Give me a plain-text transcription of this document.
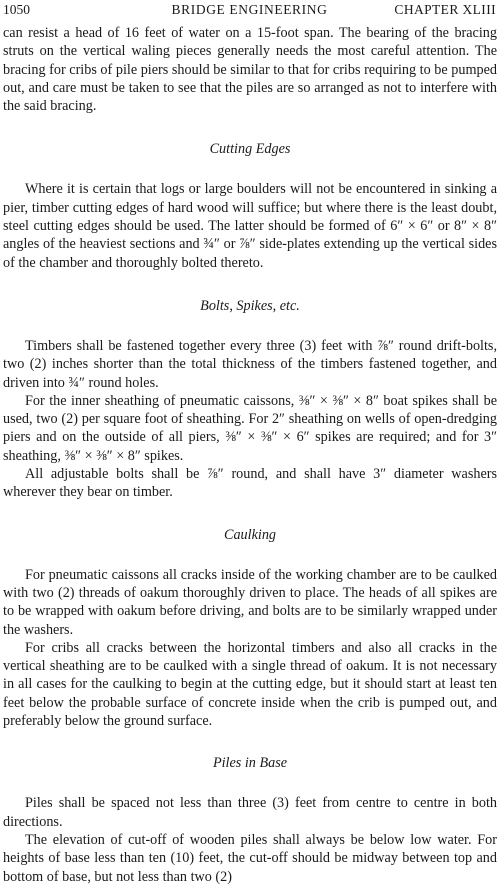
1050	BRIDGE ENGINEERING	CHAPTER XLIII

can resist a head of 16 feet of water on a 15-foot span. The bearing of the bracing struts on the vertical waling pieces generally needs the most careful attention. The bracing for cribs of pile piers should be similar to that for cribs requiring to be pumped out, and care must be taken to see that the piles are so arranged as not to interfere with the said bracing.

Cutting Edges

Where it is certain that logs or large boulders will not be encountered in sinking a pier, timber cutting edges of hard wood will suffice; but where there is the least doubt, steel cutting edges should be used. The latter should be formed of 6″ × 6″ or 8″ × 8″ angles of the heaviest sections and ¾″ or ⅞″ side-plates extending up the vertical sides of the chamber and thoroughly bolted thereto.

Bolts, Spikes, etc.

Timbers shall be fastened together every three (3) feet with ⅞″ round drift-bolts, two (2) inches shorter than the total thickness of the timbers fastened together, and driven into ¾″ round holes.

For the inner sheathing of pneumatic caissons, ⅜″ × ⅜″ × 8″ boat spikes shall be used, two (2) per square foot of sheathing. For 2″ sheathing on wells of open-dredging piers and on the outside of all piers, ⅜″ × ⅜″ × 6″ spikes are required; and for 3″ sheathing, ⅜″ × ⅜″ × 8″ spikes.

All adjustable bolts shall be ⅞″ round, and shall have 3″ diameter washers wherever they bear on timber.

Caulking

For pneumatic caissons all cracks inside of the working chamber are to be caulked with two (2) threads of oakum thoroughly driven to place. The heads of all spikes are to be wrapped with oakum before driving, and bolts are to be similarly wrapped under the washers.

For cribs all cracks between the horizontal timbers and also all cracks in the vertical sheathing are to be caulked with a single thread of oakum. It is not necessary in all cases for the caulking to begin at the cutting edge, but it should start at least ten feet below the probable surface of concrete inside when the crib is pumped out, and preferably below the ground surface.

Piles in Base

Piles shall be spaced not less than three (3) feet from centre to centre in both directions.

The elevation of cut-off of wooden piles shall always be below low water. For heights of base less than ten (10) feet, the cut-off should be midway between top and bottom of base, but not less than two (2)
